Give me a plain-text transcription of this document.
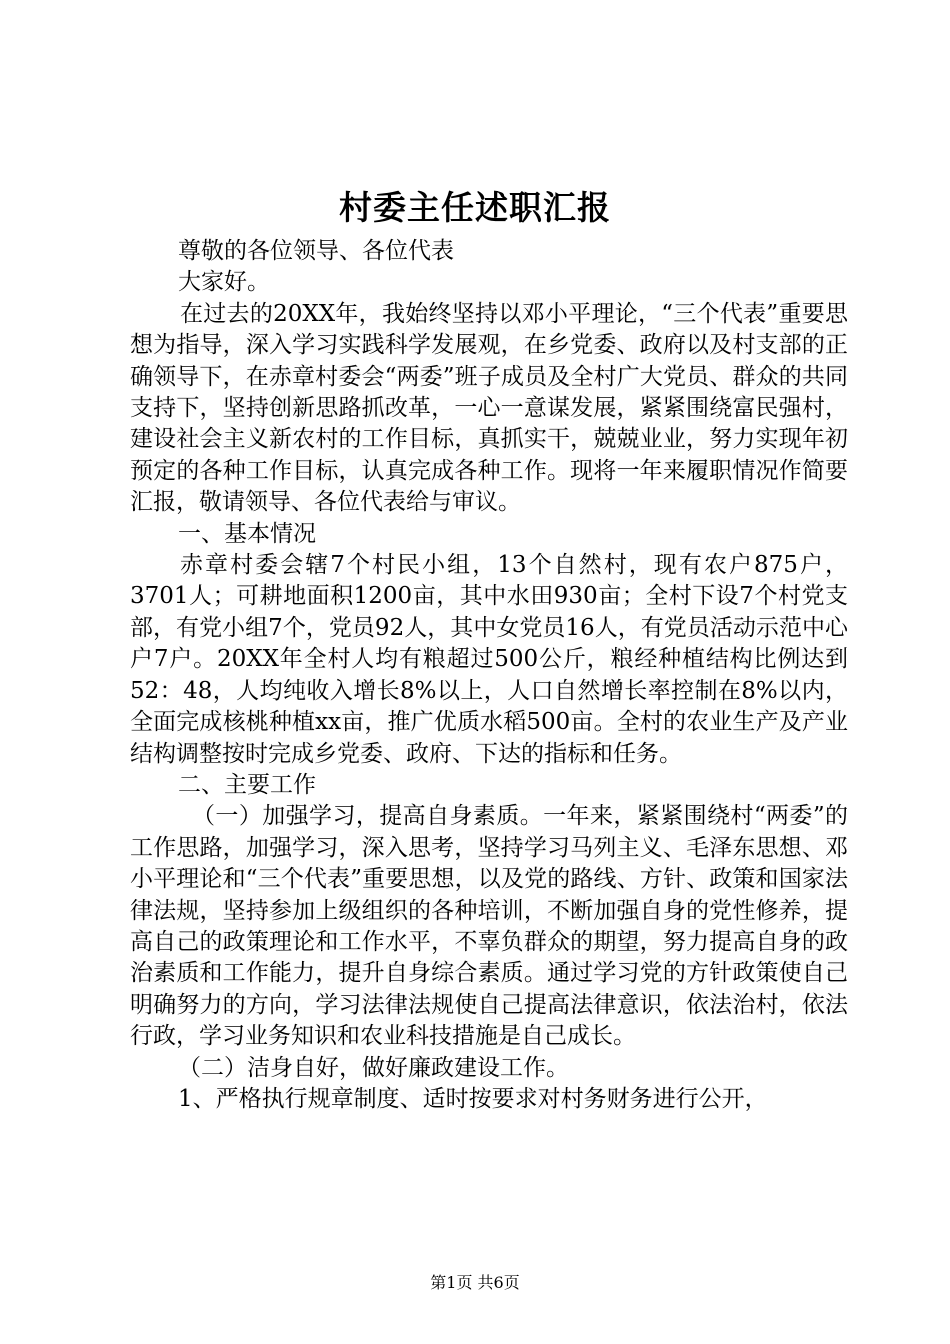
村委主任述职汇报

尊敬的各位领导、各位代表

大家好。

在过去的20XX年，我始终坚持以邓小平理论，“三个代表”重要思想为指导，深入学习实践科学发展观，在乡党委、政府以及村支部的正确领导下，在赤章村委会“两委”班子成员及全村广大党员、群众的共同支持下，坚持创新思路抓改革，一心一意谋发展，紧紧围绕富民强村，建设社会主义新农村的工作目标，真抓实干，兢兢业业，努力实现年初预定的各种工作目标，认真完成各种工作。现将一年来履职情况作简要汇报，敬请领导、各位代表给与审议。

一、基本情况

赤章村委会辖7个村民小组，13个自然村，现有农户875户，3701人；可耕地面积1200亩，其中水田930亩；全村下设7个村党支部，有党小组7个，党员92人，其中女党员16人，有党员活动示范中心户7户。20XX年全村人均有粮超过500公斤，粮经种植结构比例达到52：48，人均纯收入增长8%以上，人口自然增长率控制在8%以内，全面完成核桃种植xx亩，推广优质水稻500亩。全村的农业生产及产业结构调整按时完成乡党委、政府、下达的指标和任务。

二、主要工作

（一）加强学习，提高自身素质。一年来，紧紧围绕村“两委”的工作思路，加强学习，深入思考，坚持学习马列主义、毛泽东思想、邓小平理论和“三个代表”重要思想，以及党的路线、方针、政策和国家法律法规，坚持参加上级组织的各种培训，不断加强自身的党性修养，提高自己的政策理论和工作水平，不辜负群众的期望，努力提高自身的政治素质和工作能力，提升自身综合素质。通过学习党的方针政策使自己明确努力的方向，学习法律法规使自己提高法律意识，依法治村，依法行政，学习业务知识和农业科技措施是自己成长。

（二）洁身自好，做好廉政建设工作。

1、严格执行规章制度、适时按要求对村务财务进行公开，

第1页 共6页
